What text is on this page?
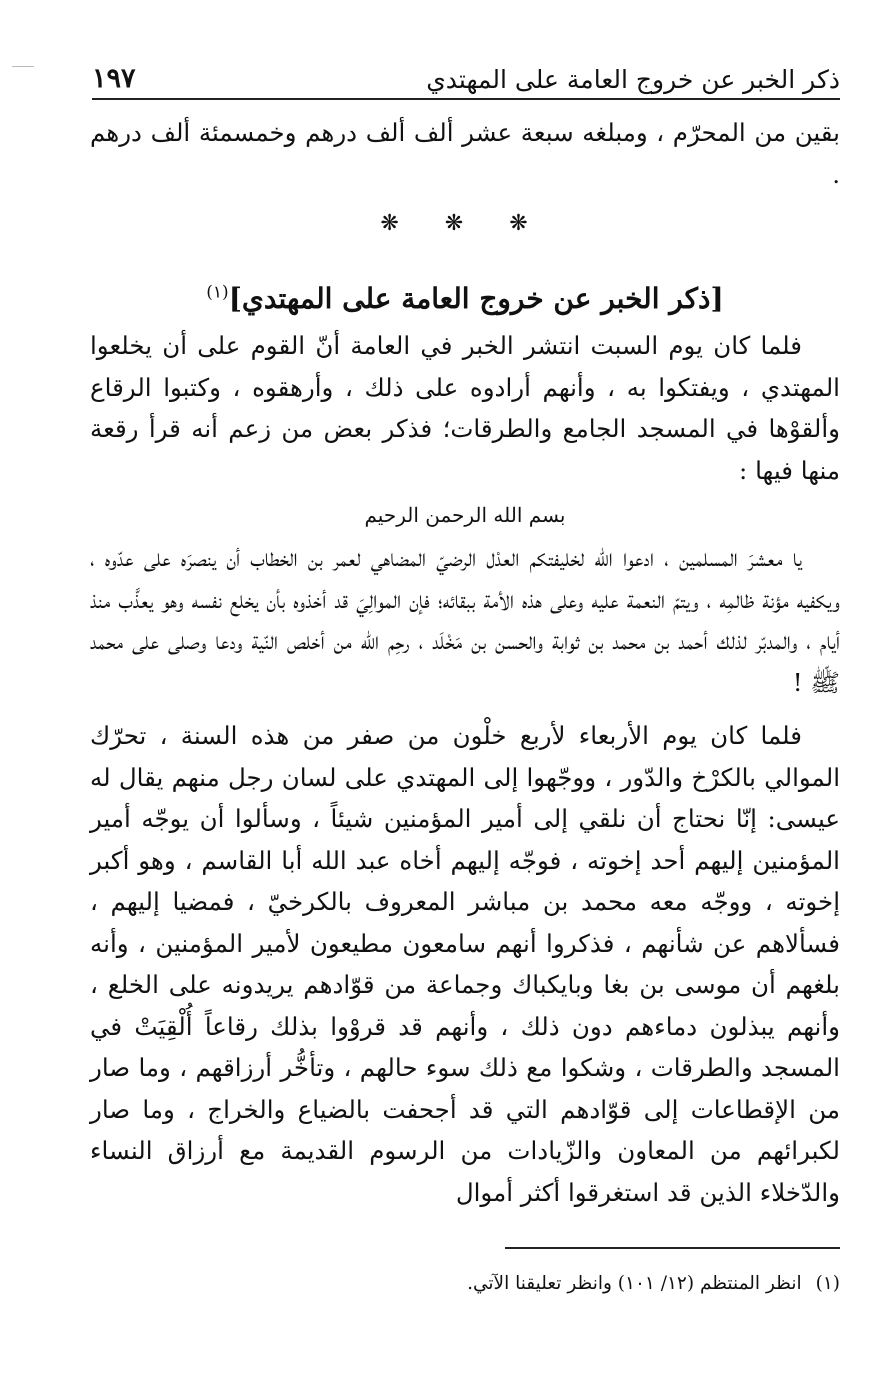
ذكر الخبر عن خروج العامة على المهتدي
١٩٧

بقين من المحرّم ، ومبلغه سبعة عشر ألف ألف درهم وخمسمئة ألف درهم .

❋❋❋
[ذكر الخبر عن خروج العامة على المهتدي]$^{(١)}$

فلما كان يوم السبت انتشر الخبر في العامة أنّ القوم على أن يخلعوا المهتدي ، ويفتكوا به ، وأنهم أرادوه على ذلك ، وأرهقوه ، وكتبوا الرقاع وألقوْها في المسجد الجامع والطرقات؛ فذكر بعض من زعم أنه قرأ رقعة منها فيها :

بسم الله الرحمن الرحيم

يا معشرَ المسلمين ، ادعوا الله لخليفتكم العدْل الرضيّ المضاهي لعمر بن الخطاب أن ينصرَه على عدّوه ، ويكفيه مؤنة ظالمِه ، ويتمّ النعمة عليه وعلى هذه الأمة ببقائه؛ فإن الموالِيَ قد أخذوه بأن يخلع نفسه وهو يعذَّب منذ أيام ، والمدبّر لذلك أحمد بن محمد بن ثوابة والحسن بن مَخْلَد ، رحِم الله من أخلص النّية ودعا وصلى على محمد ﷺ !

فلما كان يوم الأربعاء لأربع خلْون من صفر من هذه السنة ، تحرّك الموالي بالكرْخ والدّور ، ووجّهوا إلى المهتدي على لسان رجل منهم يقال له عيسى: إنّا نحتاج أن نلقي إلى أمير المؤمنين شيئاً ، وسألوا أن يوجّه أمير المؤمنين إليهم أحد إخوته ، فوجّه إليهم أخاه عبد الله أبا القاسم ، وهو أكبر إخوته ، ووجّه معه محمد بن مباشر المعروف بالكرخيّ ، فمضيا إليهم ، فسألاهم عن شأنهم ، فذكروا أنهم سامعون مطيعون لأمير المؤمنين ، وأنه بلغهم أن موسى بن بغا وبايكباك وجماعة من قوّادهم يريدونه على الخلع ، وأنهم يبذلون دماءهم دون ذلك ، وأنهم قد قروْوا بذلك رقاعاً أُلْقِيَتْ في المسجد والطرقات ، وشكوا مع ذلك سوء حالهم ، وتأخُّر أرزاقهم ، وما صار من الإقطاعات إلى قوّادهم التي قد أجحفت بالضياع والخراج ، وما صار لكبرائهم من المعاون والزّيادات من الرسوم القديمة مع أرزاق النساء والدّخلاء الذين قد استغرقوا أكثر أموال

(١)انظر المنتظم (١٢/ ١٠١) وانظر تعليقنا الآتي.
